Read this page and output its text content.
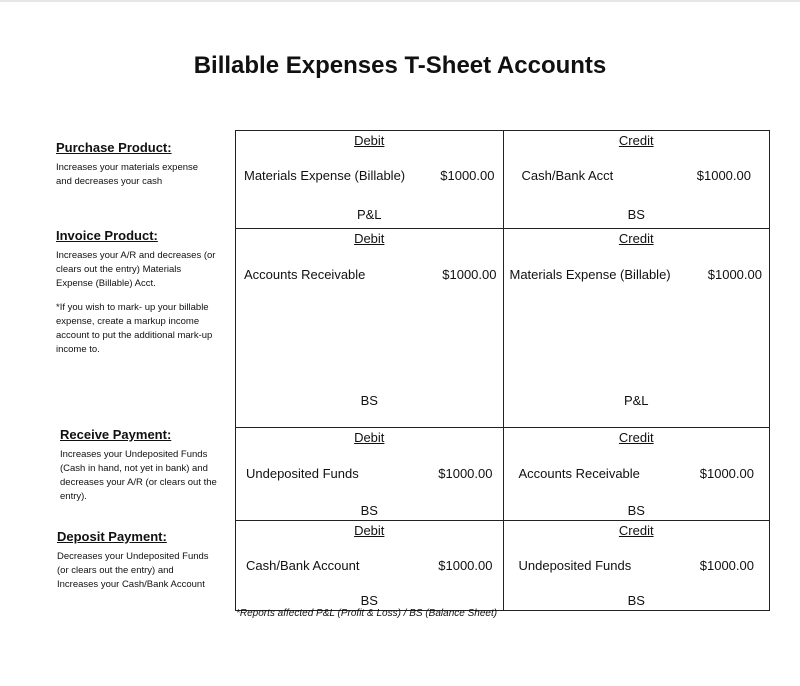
Billable Expenses T-Sheet Accounts
Purchase Product:

Increases your materials expense and decreases your cash

Invoice Product:

Increases your A/R and decreases (or clears out the entry) Materials Expense (Billable) Acct.

*If you wish to mark- up your billable expense, create a markup income account to put the additional mark-up income to.

Receive Payment:

Increases your Undeposited Funds (Cash in hand, not yet in bank) and decreases your A/R (or clears out the entry).

Deposit Payment:

Decreases your Undeposited Funds (or clears out the entry) and Increases your Cash/Bank Account

Debit
Materials Expense (Billable)	$1000.00
P&L
Credit
Cash/Bank Acct	$1000.00
BS
Debit
Accounts Receivable	$1000.00
BS
Credit
Materials Expense (Billable)	$1000.00
P&L
Debit
Undeposited Funds	$1000.00
BS
Credit
Accounts Receivable	$1000.00
BS
Debit
Cash/Bank Account	$1000.00
BS
Credit
Undeposited Funds	$1000.00
BS
*Reports affected P&L (Profit & Loss) / BS (Balance Sheet)
